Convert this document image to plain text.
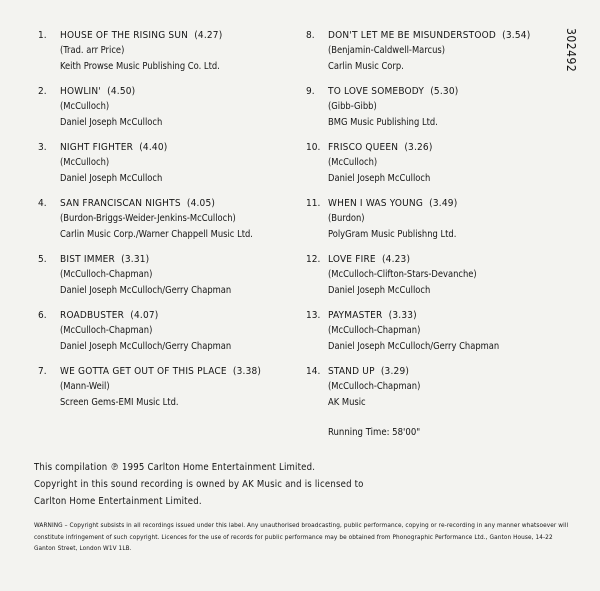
302492
1.	HOUSE OF THE RISING SUN (4.27)
(Trad. arr Price)
Keith Prowse Music Publishing Co. Ltd.
2.	HOWLIN' (4.50)
(McCulloch)
Daniel Joseph McCulloch
3.	NIGHT FIGHTER (4.40)
(McCulloch)
Daniel Joseph McCulloch
4.	SAN FRANCISCAN NIGHTS (4.05)
(Burdon-Briggs-Weider-Jenkins-McCulloch)
Carlin Music Corp./Warner Chappell Music Ltd.
5.	BIST IMMER (3.31)
(McCulloch-Chapman)
Daniel Joseph McCulloch/Gerry Chapman
6.	ROADBUSTER (4.07)
(McCulloch-Chapman)
Daniel Joseph McCulloch/Gerry Chapman
7.	WE GOTTA GET OUT OF THIS PLACE (3.38)
(Mann-Weil)
Screen Gems-EMI Music Ltd.
8.	DON'T LET ME BE MISUNDERSTOOD (3.54)
(Benjamin-Caldwell-Marcus)
Carlin Music Corp.
9.	TO LOVE SOMEBODY (5.30)
(Gibb-Gibb)
BMG Music Publishing Ltd.
10. FRISCO QUEEN (3.26)
(McCulloch)
Daniel Joseph McCulloch
11. WHEN I WAS YOUNG (3.49)
(Burdon)
PolyGram Music Publishng Ltd.
12. LOVE FIRE (4.23)
(McCulloch-Clifton-Stars-Devanche)
Daniel Joseph McCulloch
13. PAYMASTER (3.33)
(McCulloch-Chapman)
Daniel Joseph McCulloch/Gerry Chapman
14. STAND UP (3.29)
(McCulloch-Chapman)
AK Music
Running Time: 58'00"
This compilation ℗ 1995 Carlton Home Entertainment Limited.
Copyright in this sound recording is owned by AK Music and is licensed to
Carlton Home Entertainment Limited.
WARNING – Copyright subsists in all recordings issued under this label. Any unauthorised broadcasting, public performance, copying or re-recording in any manner whatsoever will constitute infringement of such copyright. Licences for the use of records for public performance may be obtained from Phonographic Performance Ltd., Ganton House, 14-22 Ganton Street, London W1V 1LB.
